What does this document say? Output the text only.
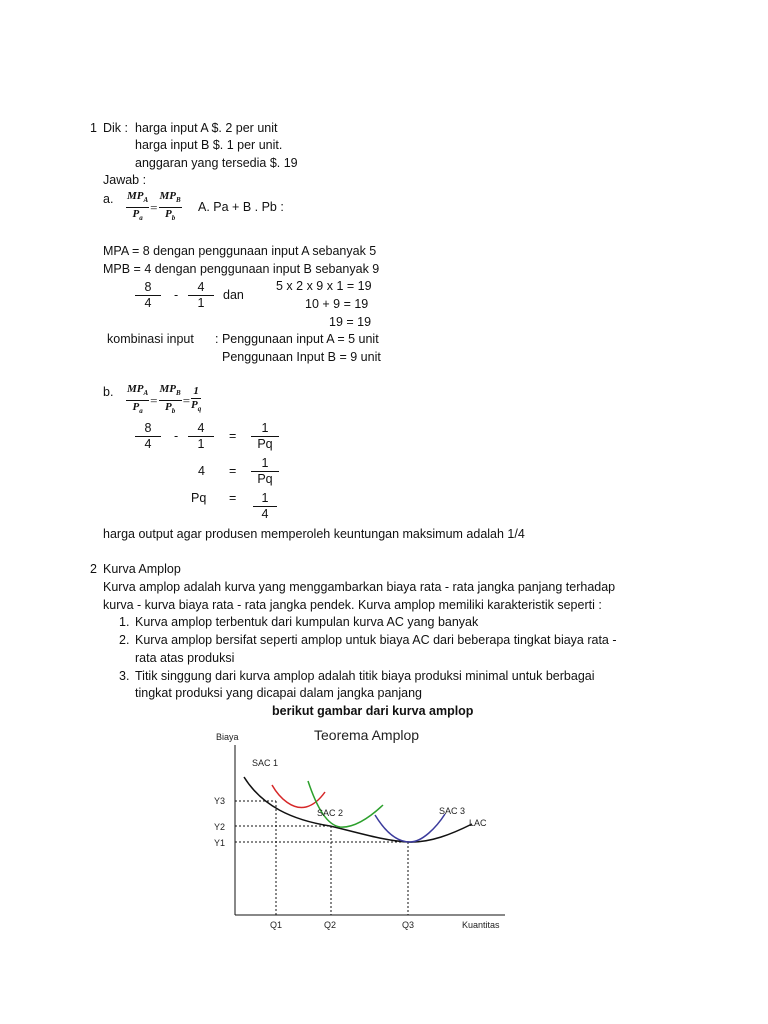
1 Dik : harga input A $. 2 per unit
harga input B $. 1 per unit.
anggaran yang tersedia $. 19
Jawab :
a. $MP_A$
$P_a$
=
$MP_B$
$P_b$
A. Pa + B . Pb :
MPA = 8 dengan penggunaan input A sebanyak 5
MPB = 4 dengan penggunaan input B sebanyak 9
$\frac{8}{4} - \frac{4}{1}$ dan
5 x 2 x 9 x 1 = 19
10 + 9 = 19
19 = 19
kombinasi input : Penggunaan input A = 5 unit
Penggunaan Input B = 9 unit
b. $MP_A$
$P_a$
=
$MP_B$
$P_b$
= $\frac{1}{P_q}$
$\frac{8}{4} - \frac{4}{1} = \frac{1}{Pq}$
$4 = \frac{1}{Pq}$
$Pq = \frac{1}{4}$
harga output agar produsen memperoleh keuntungan maksimum adalah 1/4
2 Kurva Amplop
Kurva amplop adalah kurva yang menggambarkan biaya rata - rata jangka panjang terhadap
kurva - kurva biaya rata - rata jangka pendek. Kurva amplop memiliki karakteristik seperti :
1. Kurva amplop terbentuk dari kumpulan kurva AC yang banyak
2. Kurva amplop bersifat seperti amplop untuk biaya AC dari beberapa tingkat biaya rata -
rata atas produksi
3. Titik singgung dari kurva amplop adalah titik biaya produksi minimal untuk berbagai
tingkat produksi yang dicapai dalam jangka panjang
berikut gambar dari kurva amplop
Teorema Amplop
Biaya
Kuantitas
Y3
Y2
Y1
Q1	Q2	Q3
SAC 1
SAC 2	SAC 3
LAC
